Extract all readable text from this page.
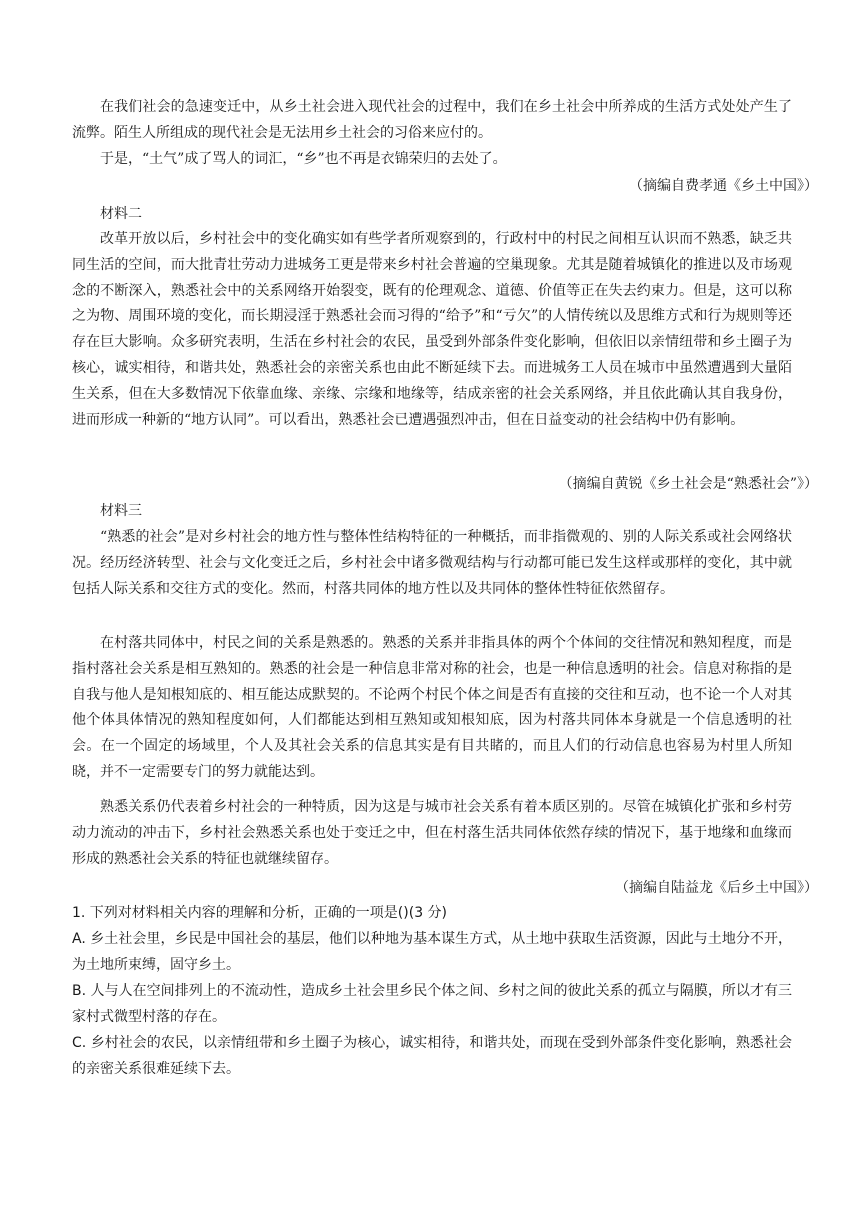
在我们社会的急速变迁中，从乡土社会进入现代社会的过程中，我们在乡土社会中所养成的生活方式处处产生了流弊。陌生人所组成的现代社会是无法用乡土社会的习俗来应付的。

于是，“土气”成了骂人的词汇，“乡”也不再是衣锦荣归的去处了。

（摘编自费孝通《乡土中国》）

材料二

改革开放以后，乡村社会中的变化确实如有些学者所观察到的，行政村中的村民之间相互认识而不熟悉，缺乏共同生活的空间，而大批青壮劳动力进城务工更是带来乡村社会普遍的空巢现象。尤其是随着城镇化的推进以及市场观念的不断深入，熟悉社会中的关系网络开始裂变，既有的伦理观念、道德、价值等正在失去约束力。但是，这可以称之为物、周围环境的变化，而长期浸淫于熟悉社会而习得的“给予”和“亏欠”的人情传统以及思维方式和行为规则等还存在巨大影响。众多研究表明，生活在乡村社会的农民，虽受到外部条件变化影响，但依旧以亲情纽带和乡土圈子为核心，诚实相待，和谐共处，熟悉社会的亲密关系也由此不断延续下去。而进城务工人员在城市中虽然遭遇到大量陌生关系，但在大多数情况下依靠血缘、亲缘、宗缘和地缘等，结成亲密的社会关系网络，并且依此确认其自我身份，进而形成一种新的“地方认同”。可以看出，熟悉社会已遭遇强烈冲击，但在日益变动的社会结构中仍有影响。

（摘编自黄锐《乡土社会是“熟悉社会”》）

材料三

“熟悉的社会”是对乡村社会的地方性与整体性结构特征的一种概括，而非指微观的、别的人际关系或社会网络状况。经历经济转型、社会与文化变迁之后，乡村社会中诸多微观结构与行动都可能已发生这样或那样的变化，其中就包括人际关系和交往方式的变化。然而，村落共同体的地方性以及共同体的整体性特征依然留存。

在村落共同体中，村民之间的关系是熟悉的。熟悉的关系并非指具体的两个个体间的交往情况和熟知程度，而是指村落社会关系是相互熟知的。熟悉的社会是一种信息非常对称的社会，也是一种信息透明的社会。信息对称指的是自我与他人是知根知底的、相互能达成默契的。不论两个村民个体之间是否有直接的交往和互动，也不论一个人对其他个体具体情况的熟知程度如何，人们都能达到相互熟知或知根知底，因为村落共同体本身就是一个信息透明的社会。在一个固定的场域里，个人及其社会关系的信息其实是有目共睹的，而且人们的行动信息也容易为村里人所知晓，并不一定需要专门的努力就能达到。

熟悉关系仍代表着乡村社会的一种特质，因为这是与城市社会关系有着本质区别的。尽管在城镇化扩张和乡村劳动力流动的冲击下，乡村社会熟悉关系也处于变迁之中，但在村落生活共同体依然存续的情况下，基于地缘和血缘而形成的熟悉社会关系的特征也就继续留存。

（摘编自陆益龙《后乡土中国》）

1. 下列对材料相关内容的理解和分析，正确的一项是()(3 分)

A. 乡土社会里，乡民是中国社会的基层，他们以种地为基本谋生方式，从土地中获取生活资源，因此与土地分不开，为土地所束缚，固守乡土。

B. 人与人在空间排列上的不流动性，造成乡土社会里乡民个体之间、乡村之间的彼此关系的孤立与隔膜，所以才有三家村式微型村落的存在。

C. 乡村社会的农民，以亲情纽带和乡土圈子为核心，诚实相待，和谐共处，而现在受到外部条件变化影响，熟悉社会的亲密关系很难延续下去。
